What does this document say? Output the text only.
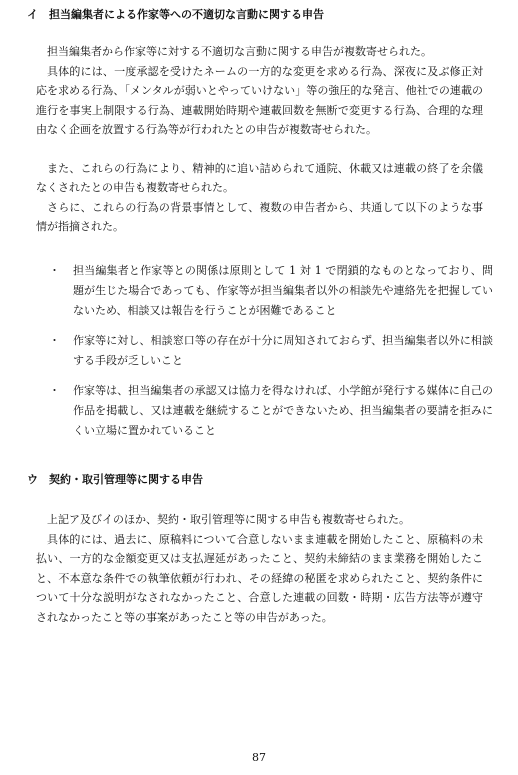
イ　担当編集者による作家等への不適切な言動に関する申告

担当編集者から作家等に対する不適切な言動に関する申告が複数寄せられた。

具体的には、一度承認を受けたネームの一方的な変更を求める行為、深夜に及ぶ修正対応を求める行為、「メンタルが弱いとやっていけない」等の強圧的な発言、他社での連載の進行を事実上制限する行為、連載開始時期や連載回数を無断で変更する行為、合理的な理由なく企画を放置する行為等が行われたとの申告が複数寄せられた。

また、これらの行為により、精神的に追い詰められて通院、休載又は連載の終了を余儀なくされたとの申告も複数寄せられた。

さらに、これらの行為の背景事情として、複数の申告者から、共通して以下のような事情が指摘された。

・ 担当編集者と作家等との関係は原則として 1 対 1 で閉鎖的なものとなっており、問題が生じた場合であっても、作家等が担当編集者以外の相談先や連絡先を把握していないため、相談又は報告を行うことが困難であること
・ 作家等に対し、相談窓口等の存在が十分に周知されておらず、担当編集者以外に相談する手段が乏しいこと
・ 作家等は、担当編集者の承認又は協力を得なければ、小学館が発行する媒体に自己の作品を掲載し、又は連載を継続することができないため、担当編集者の要請を拒みにくい立場に置かれていること
ウ　契約・取引管理等に関する申告

上記ア及びイのほか、契約・取引管理等に関する申告も複数寄せられた。

具体的には、過去に、原稿料について合意しないまま連載を開始したこと、原稿料の未払い、一方的な金額変更又は支払遅延があったこと、契約未締結のまま業務を開始したこと、不本意な条件での執筆依頼が行われ、その経緯の秘匿を求められたこと、契約条件について十分な説明がなされなかったこと、合意した連載の回数・時期・広告方法等が遵守されなかったこと等の事案があったこと等の申告があった。

87
